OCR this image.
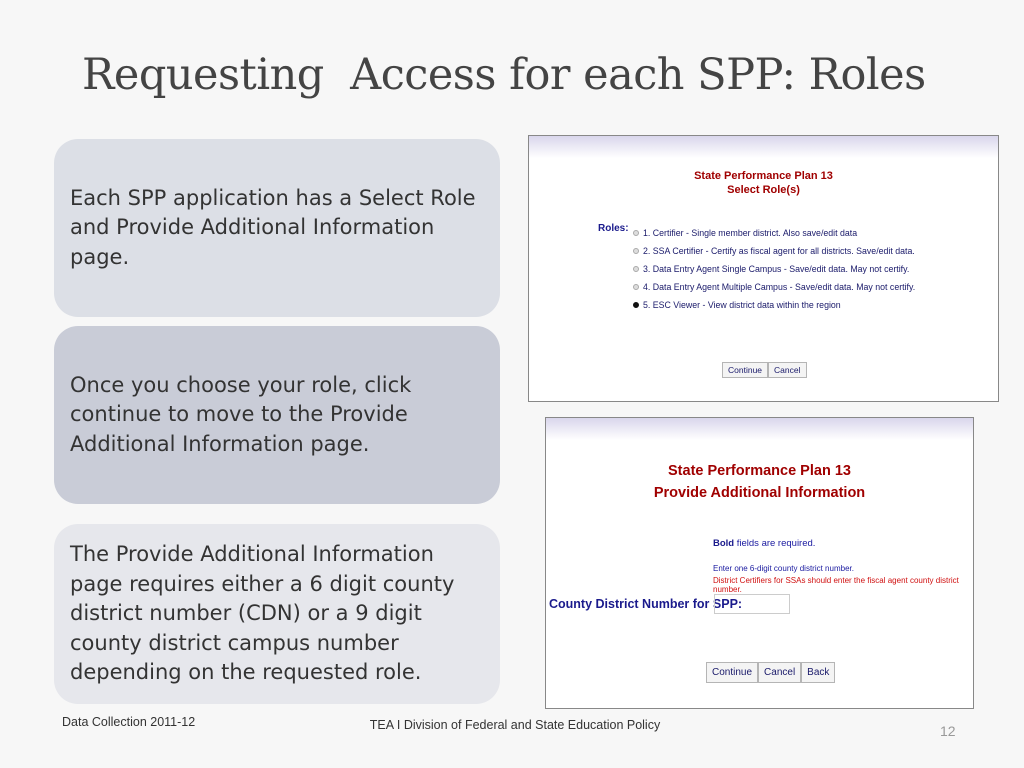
Requesting  Access for each SPP: Roles
Each SPP application has a Select Role and Provide Additional Information page.
Once you choose your role, click continue to move to the Provide Additional Information page.
The Provide Additional Information page requires either a 6 digit county district number (CDN) or a 9 digit county district campus number depending on the requested role.
State Performance Plan 13
Select Role(s)
Roles: 1. Certifier - Single member district. Also save/edit data
2. SSA Certifier - Certify as fiscal agent for all districts. Save/edit data.
3. Data Entry Agent Single Campus - Save/edit data. May not certify.
4. Data Entry Agent Multiple Campus - Save/edit data. May not certify.
5. ESC Viewer - View district data within the region
Continue	Cancel
State Performance Plan 13
Provide Additional Information
Bold fields are required.
Enter one 6-digit county district number.
District Certifiers for SSAs should enter the fiscal agent county district number.
County District Number for SPP:
Continue	Cancel	Back
Data Collection 2011-12	TEA I Division of Federal and State Education Policy	12
